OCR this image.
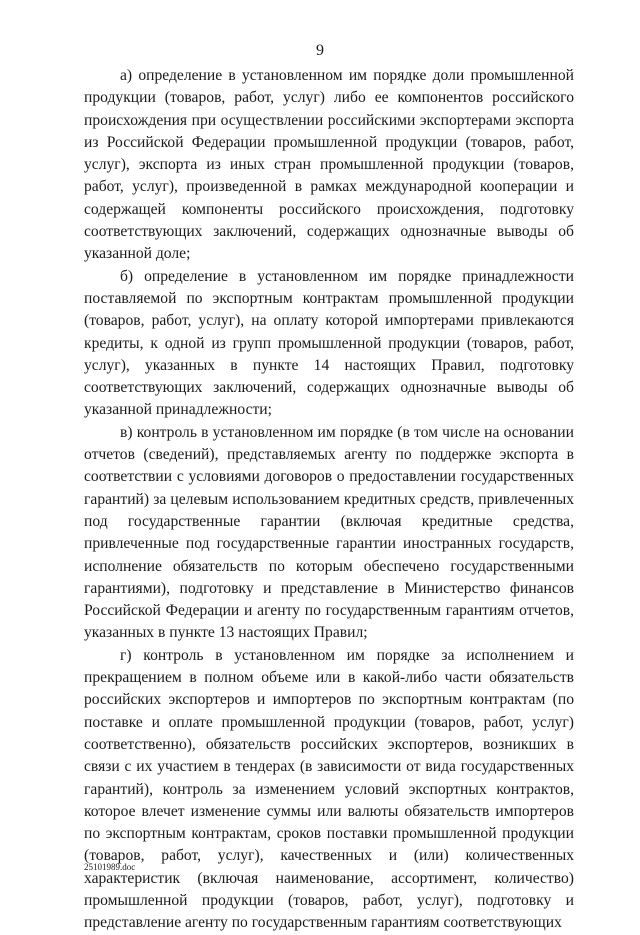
9

а) определение в установленном им порядке доли промышленной продукции (товаров, работ, услуг) либо ее компонентов российского происхождения при осуществлении российскими экспортерами экспорта из Российской Федерации промышленной продукции (товаров, работ, услуг), экспорта из иных стран промышленной продукции (товаров, работ, услуг), произведенной в рамках международной кооперации и содержащей компоненты российского происхождения, подготовку соответствующих заключений, содержащих однозначные выводы об указанной доле;

б) определение в установленном им порядке принадлежности поставляемой по экспортным контрактам промышленной продукции (товаров, работ, услуг), на оплату которой импортерами привлекаются кредиты, к одной из групп промышленной продукции (товаров, работ, услуг), указанных в пункте 14 настоящих Правил, подготовку соответствующих заключений, содержащих однозначные выводы об указанной принадлежности;

в) контроль в установленном им порядке (в том числе на основании отчетов (сведений), представляемых агенту по поддержке экспорта в соответствии с условиями договоров о предоставлении государственных гарантий) за целевым использованием кредитных средств, привлеченных под государственные гарантии (включая кредитные средства, привлеченные под государственные гарантии иностранных государств, исполнение обязательств по которым обеспечено государственными гарантиями), подготовку и представление в Министерство финансов Российской Федерации и агенту по государственным гарантиям отчетов, указанных в пункте 13 настоящих Правил;

г) контроль в установленном им порядке за исполнением и прекращением в полном объеме или в какой-либо части обязательств российских экспортеров и импортеров по экспортным контрактам (по поставке и оплате промышленной продукции (товаров, работ, услуг) соответственно), обязательств российских экспортеров, возникших в связи с их участием в тендерах (в зависимости от вида государственных гарантий), контроль за изменением условий экспортных контрактов, которое влечет изменение суммы или валюты обязательств импортеров по экспортным контрактам, сроков поставки промышленной продукции (товаров, работ, услуг), качественных и (или) количественных характеристик (включая наименование, ассортимент, количество) промышленной продукции (товаров, работ, услуг), подготовку и представление агенту по государственным гарантиям соответствующих

25101989.doc
